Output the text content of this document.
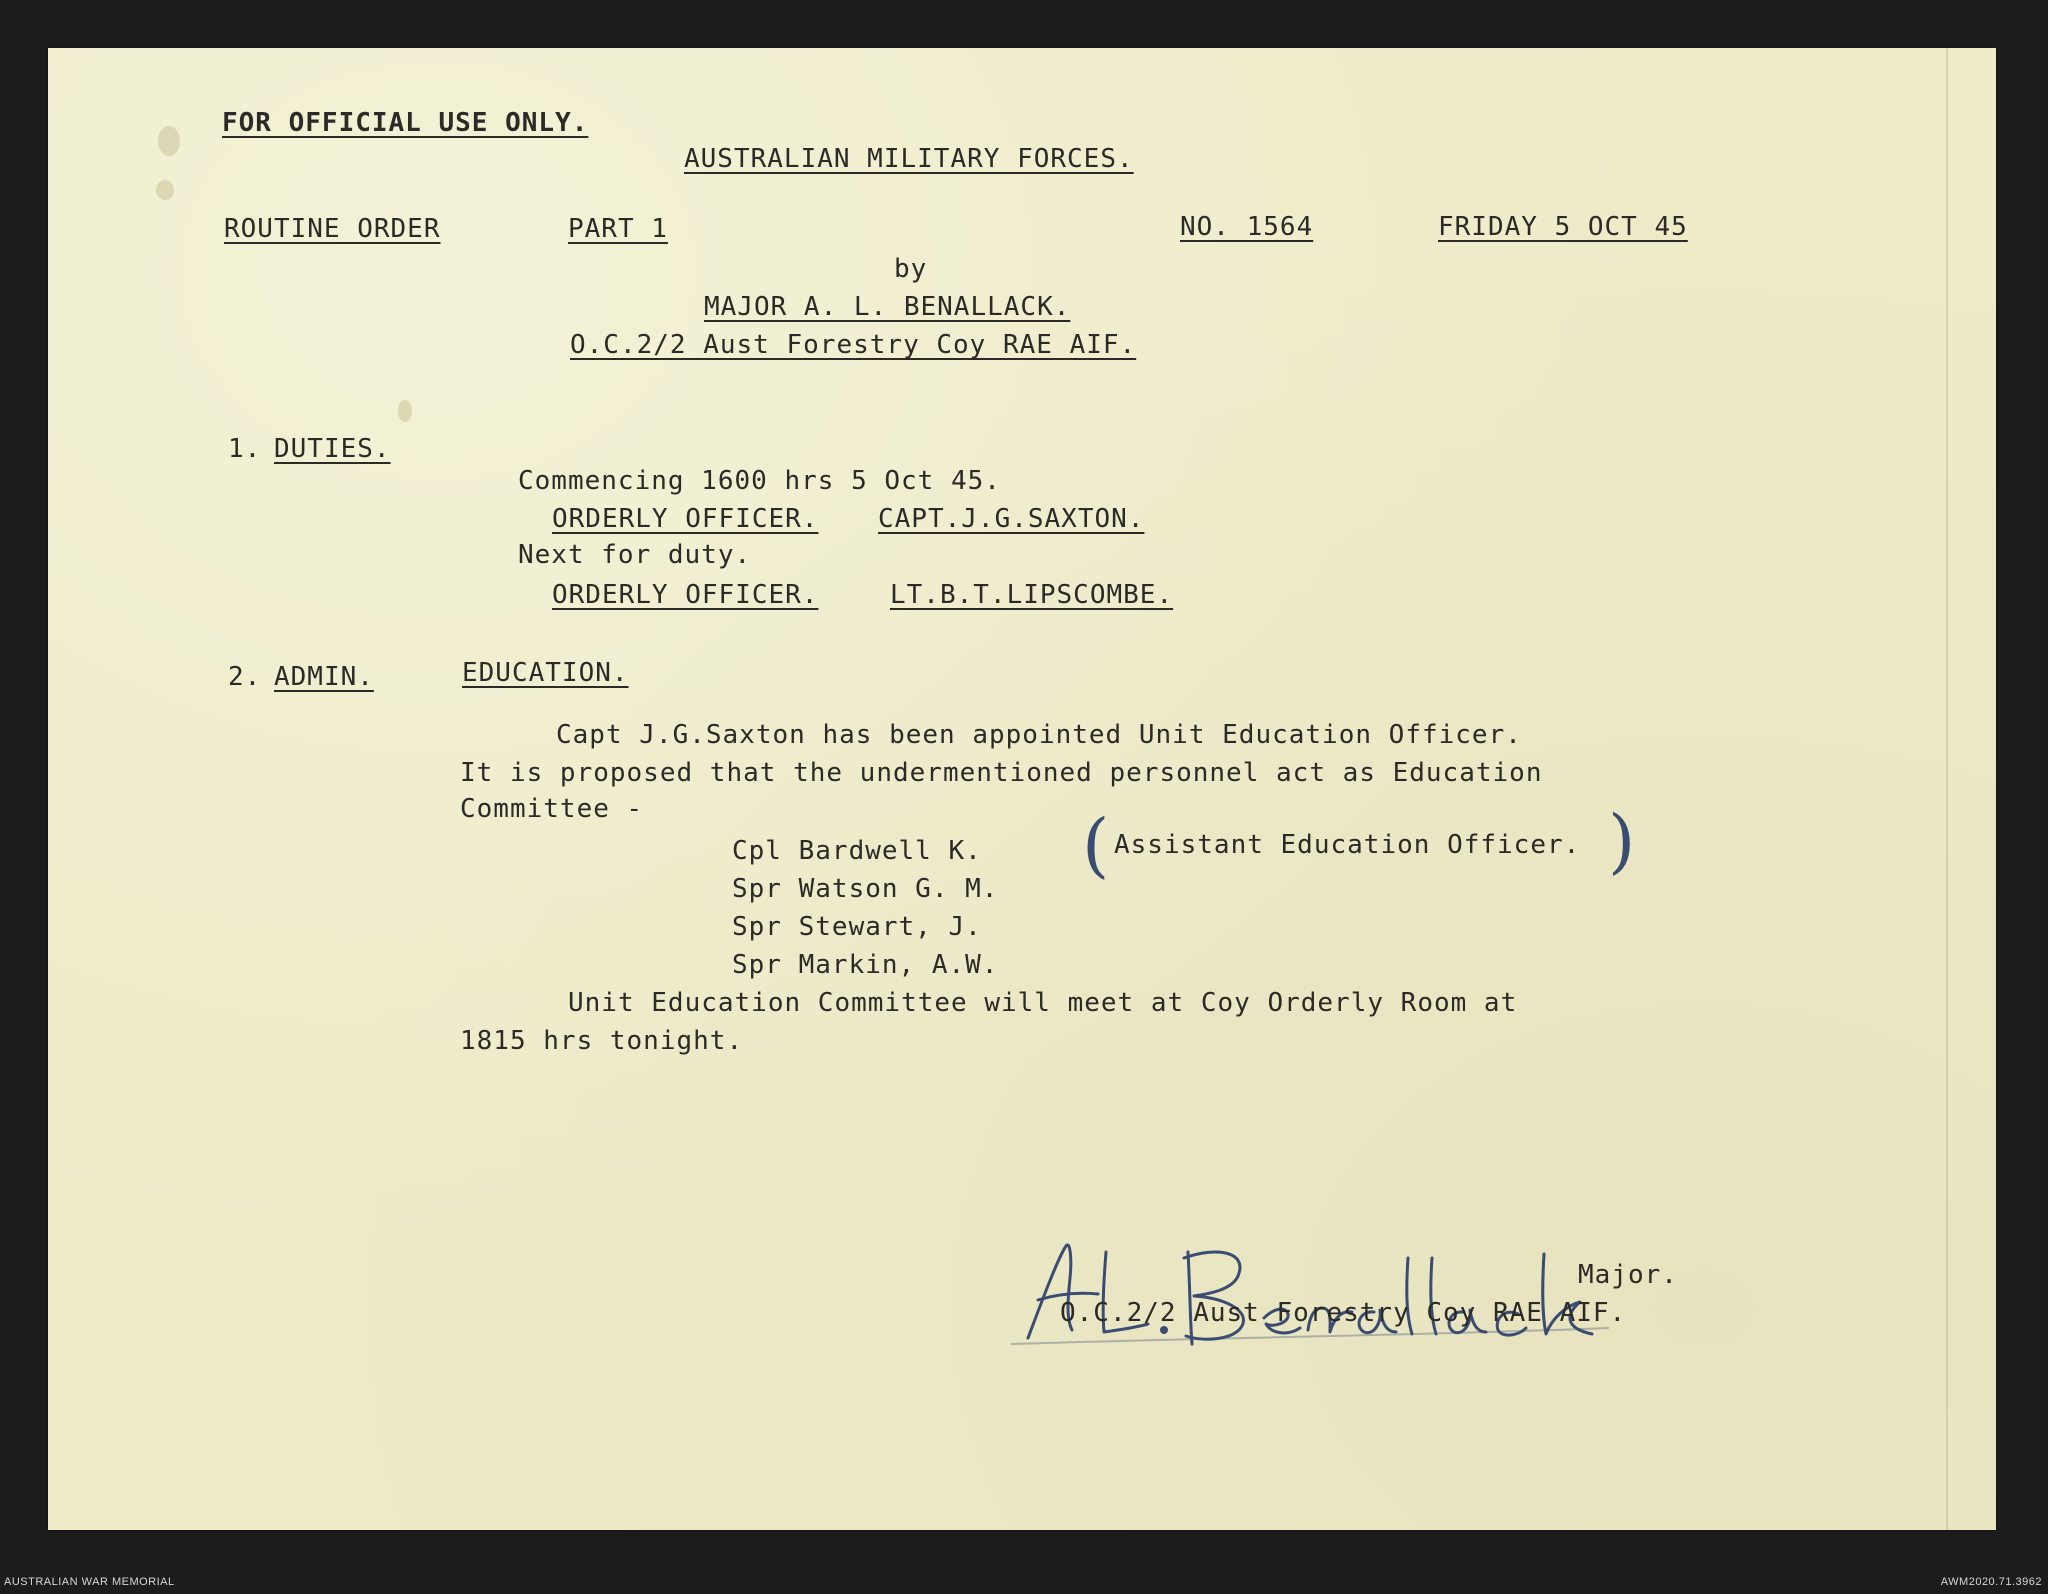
FOR OFFICIAL USE ONLY.
AUSTRALIAN MILITARY FORCES.
ROUTINE ORDER	PART 1	NO. 1564	FRIDAY 5 OCT 45
by
MAJOR A. L. BENALLACK.
O.C.2/2 Aust Forestry Coy RAE AIF.
1. DUTIES.
Commencing 1600 hrs 5 Oct 45.
ORDERLY OFFICER. CAPT.J.G.SAXTON.
Next for duty.
ORDERLY OFFICER.	LT.B.T.LIPSCOMBE.
2. ADMIN.	EDUCATION.
Capt J.G.Saxton has been appointed Unit Education Officer.
It is proposed that the undermentioned personnel act as Education
Committee -
Cpl Bardwell K.
Spr Watson G. M.
Spr Stewart, J.
Spr Markin, A.W.
( Assistant Education Officer. )
Unit Education Committee will meet at Coy Orderly Room at
1815 hrs tonight.
Major.
O.C.2/2 Aust Forestry Coy RAE AIF.
AUSTRALIAN WAR MEMORIAL	AWM2020.71.3962
